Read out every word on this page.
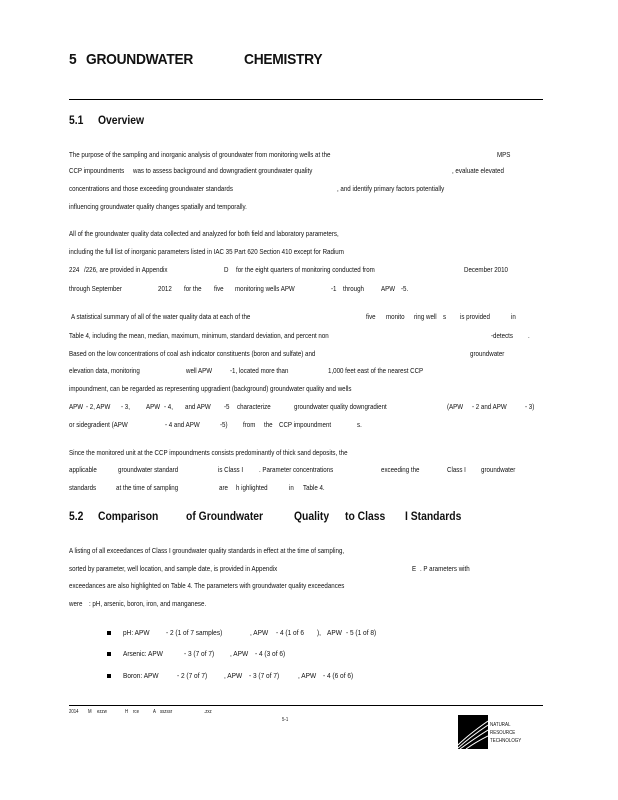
5 GROUNDWATER	CHEMISTRY
5.1 Overview
The purpose of the sampling and inorganic analysis of groundwater from monitoring wells at the	MPS
CCP impoundments was to assess background and downgradient groundwater quality	, evaluate elevated
concentrations and those exceeding groundwater standards	, and identify primary factors potentially
influencing groundwater quality changes spatially and temporally.
All of the groundwater quality data collected and analyzed for both field and laboratory parameters,
including the full list of inorganic parameters listed in IAC 35 Part 620 Section 410 except for Radium
224 /226, are provided in Appendix	D for the eight quarters of monitoring conducted from	December 2010
through September	2012 for the five monitoring wells APW	-1 through APW -5.
A statistical summary of all of the water quality data at each of the	five monito ring well s is provided	in
Table 4, including the mean, median, maximum, minimum, standard deviation, and percent non	-detects .
Based on the low concentrations of coal ash indicator constituents (boron and sulfate) and	groundwater
elevation data, monitoring	well APW -1, located more than	1,000 feet east of the nearest CCP
impoundment, can be regarded as representing upgradient (background) groundwater quality and wells
APW - 2, APW - 3, APW - 4, and APW -5 characterize	groundwater quality downgradient	(APW - 2 and APW	- 3)
or sidegradient (APW	- 4 and APW	-5) from the CCP impoundment	s.
Since the monitored unit at the CCP impoundments consists predominantly of thick sand deposits, the
applicable	groundwater standard	is Class I . Parameter concentrations	exceeding the	Class I groundwater
standards	at the time of sampling	are h ighlighted	in Table 4.
5.2 Comparison of Groundwater	Quality to Class I Standards
A listing of all exceedances of Class I groundwater quality standards in effect at the time of sampling,
sorted by parameter, well location, and sample date, is provided in Appendix	E . P arameters with
exceedances are also highlighted on Table 4. The parameters with groundwater quality exceedances
were : pH, arsenic, boron, iron, and manganese.
pH: APW - 2 (1 of 7 samples)	, APW - 4 (1 of 6 ), APW - 5 (1 of 8)
Arsenic: APW	- 3 (7 of 7) , APW - 4 (3 of 6)
Boron: APW - 2 (7 of 7) , APW - 3 (7 of 7) , APW - 4 (6 of 6)
2014 M ezzw	H rce	A sszssr	.zxz
5-1
NATURAL
RESOURCE
TECHNOLOGY
